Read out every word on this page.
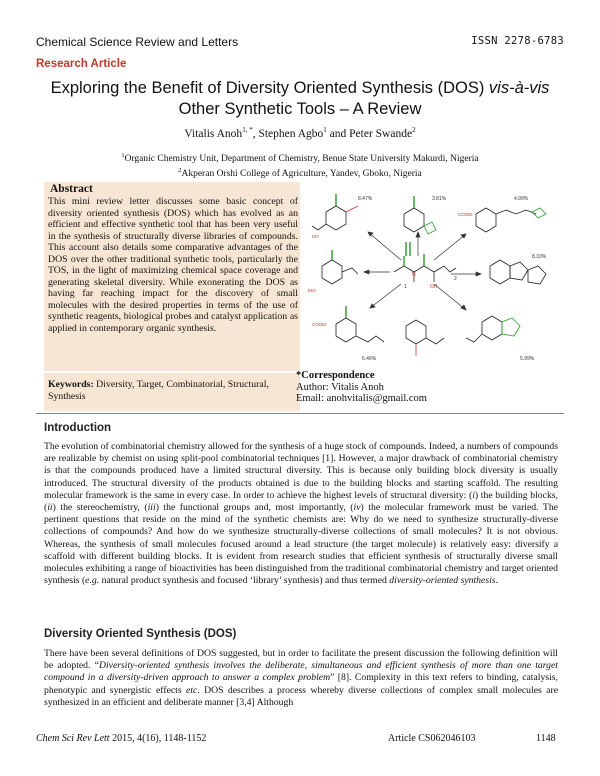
Chemical Science Review and Letters	ISSN 2278-6783
Research Article
Exploring the Benefit of Diversity Oriented Synthesis (DOS) vis-à-vis
Other Synthetic Tools – A Review
Vitalis Anoh$^{1, *}$, Stephen Agbo$^1$ and Peter Swande$^2$
$^1$Organic Chemistry Unit, Department of Chemistry, Benue State University Makurdi, Nigeria
$^2$Akperan Orshi College of Agriculture, Yandev, Gboko, Nigeria
Abstract
This mini review letter discusses some basic concept of diversity oriented synthesis (DOS) which has evolved as an efficient and effective synthetic tool that has been very useful in the synthesis of structurally diverse libraries of compounds. This account also details some comparative advantages of the DOS over the other traditional synthetic tools, particularly the TOS, in the light of maximizing chemical space coverage and generating skeletal diversity. While exonerating the DOS as having far reaching impact for the discovery of small molecules with the desired properties in terms of the use of synthetic reagents, biological probes and catalyst application as applied in contemporary organic synthesis.
Keywords: Diversity, Target, Combinatorial, Structural, Synthesis
N
OH
1
2
8.47%
HO
3.81%	4.99%
COOEt
8.33%
EtO
COOEt
5.99%
6.46%
*Correspondence
Author: Vitalis Anoh
Email: anohvitalis@gmail.com
Introduction
The evolution of combinatorial chemistry allowed for the synthesis of a huge stock of compounds. Indeed, a numbers of compounds are realizable by chemist on using split-pool combinatorial techniques [1]. However, a major drawback of combinatorial chemistry is that the compounds produced have a limited structural diversity. This is because only building block diversity is usually introduced. The structural diversity of the products obtained is due to the building blocks and starting scaffold. The resulting molecular framework is the same in every case. In order to achieve the highest levels of structural diversity: (i) the building blocks, (ii) the stereochemistry, (iii) the functional groups and, most importantly, (iv) the molecular framework must be varied. The pertinent questions that reside on the mind of the synthetic chemists are: Why do we need to synthesize structurally-diverse collections of compounds? And how do we synthesize structurally-diverse collections of small molecules? It is not obvious. Whereas, the synthesis of small molecules focused around a lead structure (the target molecule) is relatively easy: diversify a scaffold with different building blocks. It is evident from research studies that efficient synthesis of structurally diverse small molecules exhibiting a range of bioactivities has been distinguished from the traditional combinatorial chemistry and target oriented synthesis (e.g. natural product synthesis and focused ‘library’ synthesis) and thus termed diversity-oriented synthesis.
Diversity Oriented Synthesis (DOS)
There have been several definitions of DOS suggested, but in order to facilitate the present discussion the following definition will be adopted. “Diversity-oriented synthesis involves the deliberate, simultaneous and efficient synthesis of more than one target compound in a diversity-driven approach to answer a complex problem” [8]. Complexity in this text refers to binding, catalysis, phenotypic and synergistic effects etc. DOS describes a process whereby diverse collections of complex small molecules are synthesized in an efficient and deliberate manner [3,4] Although
Chem Sci Rev Lett 2015, 4(16), 1148-1152	Article CS062046103	1148
